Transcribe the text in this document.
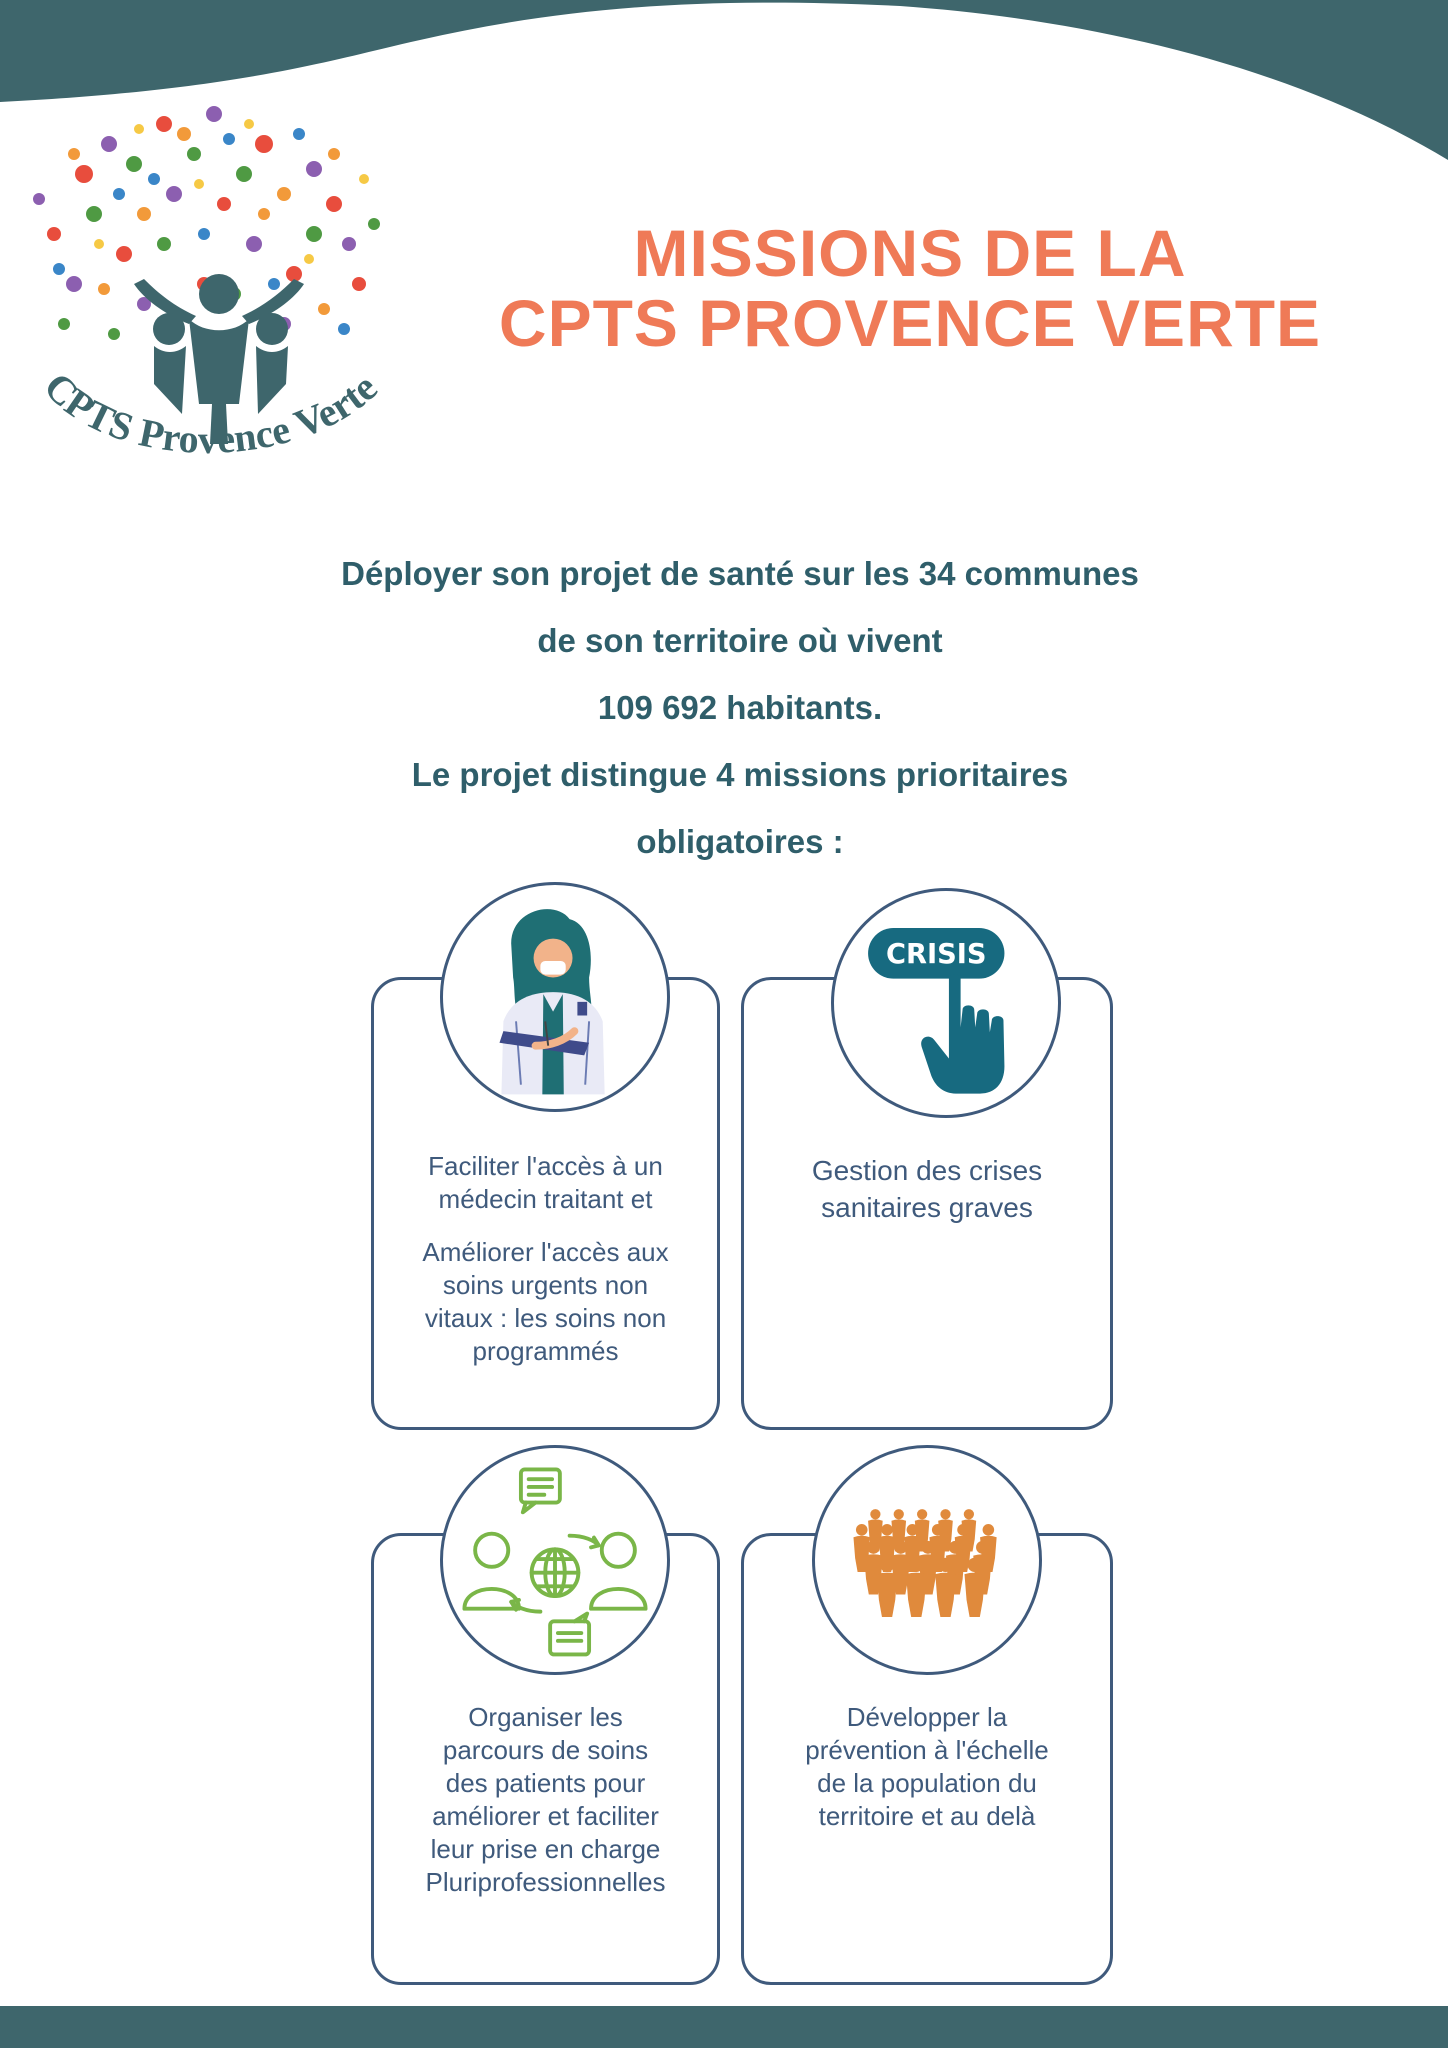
CPTS Provence Verte
MISSIONS DE LA
CPTS PROVENCE VERTE
Déployer son projet de santé sur les 34 communes
de son territoire où vivent
109 692 habitants.
Le projet distingue 4 missions prioritaires
obligatoires :
Faciliter l'accès à un
médecin traitant et
Améliorer l'accès aux
soins urgents non
vitaux : les soins non
programmés
Gestion des crises
sanitaires graves
Organiser les
parcours de soins
des patients pour
améliorer et faciliter
leur prise en charge
Pluriprofessionnelles
Développer la
prévention à l'échelle
de la population du
territoire et au delà
CRISIS
